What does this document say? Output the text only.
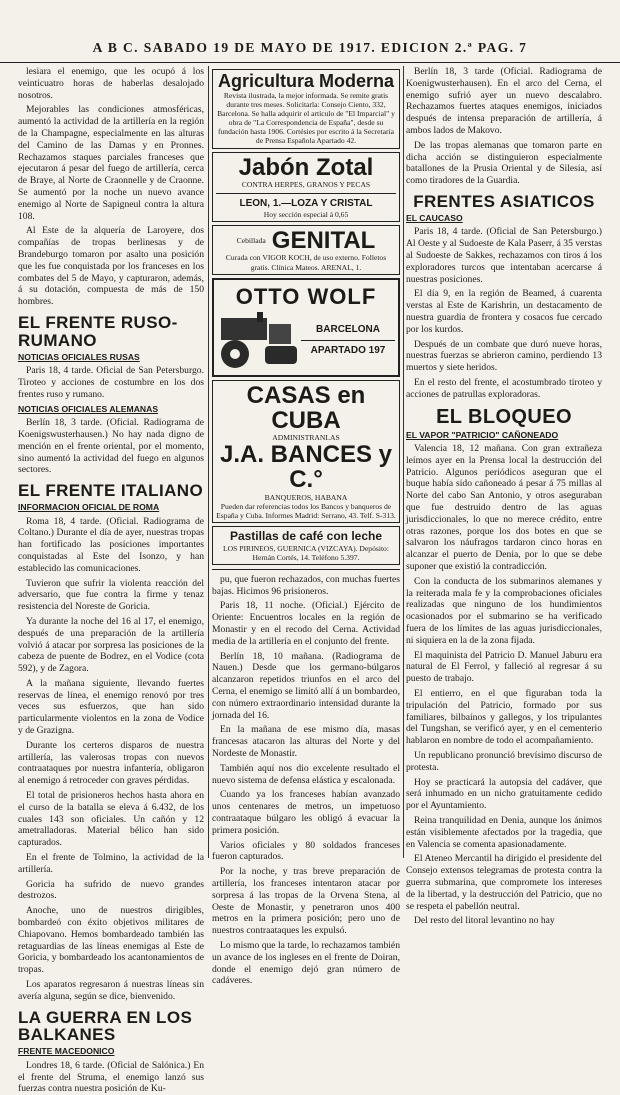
A B C. SABADO 19 DE MAYO DE 1917. EDICION 2.ª PAG. 7

lesiara el enemigo, que les ocupó á los veinticuatro horas de haberlas desalojado nosotros.

Mejorables las condiciones atmosféricas, aumentó la actividad de la artillería en la región de la Champagne, especialmente en las alturas del Camino de las Damas y en Pronnes. Rechazamos staques parciales franceses que ejecutaron á pesar del fuego de artillería, cerca de Braye, al Norte de Craonnelle y de Craonne. Se aumentó por la noche un nuevo avance enemigo al Norte de Sapigneul contra la altura 108.

Al Este de la alquería de Laroyere, dos compañías de tropas berlinesas y de Brandeburgo tomaron por asalto una posición que les fue conquistada por los franceses en los combates del 5 de Mayo, y capturaron, además, á su dotación, compuesta de más de 150 hombres.

EL FRENTE RUSO-RUMANO
NOTICIAS OFICIALES RUSAS

Paris 18, 4 tarde. Oficial de San Petersburgo. Tiroteo y acciones de costumbre en los dos frentes ruso y rumano.

NOTICIAS OFICIALES ALEMANAS

Berlín 18, 3 tarde. (Oficial. Radiograma de Koenigswusterhausen.) No hay nada digno de mención en el frente oriental, por el momento, sino aumentó la actividad del fuego en algunos sectores.

EL FRENTE ITALIANO
INFORMACION OFICIAL DE ROMA

Roma 18, 4 tarde. (Oficial. Radiograma de Coltano.) Durante el día de ayer, nuestras tropas han fortificado las posiciones importantes conquistadas al Este del Isonzo, y han establecido las comunicaciones.

Tuvieron que sufrir la violenta reacción del adversario, que fue contra la firme y tenaz resistencia del Noreste de Goricia.

Ya durante la noche del 16 al 17, el enemigo, después de una preparación de la artillería volvió á atacar por sorpresa las posiciones de la cabeza de puente de Bodrez, en el Vodice (cota 592), y de Zagora.

A la mañana siguiente, llevando fuertes reservas de línea, el enemigo renovó por tres veces sus esfuerzos, que han sido particularmente violentos en la zona de Vodice y de Grazigna.

Durante los certeros disparos de nuestra artillería, las valerosas tropas con nuevos contraataques por nuestra infantería, obligaron al enemigo á retroceder con graves pérdidas.

El total de prisioneros hechos hasta ahora en el curso de la batalla se eleva á 6.432, de los cuales 143 son oficiales. Un cañón y 12 ametralladoras. Material bélico han sido capturados.

En el frente de Tolmino, la actividad de la artillería.

Goricia ha sufrido de nuevo grandes destrozos.

Anoche, uno de nuestros dirigibles, bombardeó con éxito objetivos militares de Chiapovano. Hemos bombardeado también las retaguardias de las líneas enemigas al Este de Goricia, y bombardeado los acantonamientos de tropas.

Los aparatos regresaron á nuestras líneas sin avería alguna, según se dice, bienvenido.

LA GUERRA EN LOS BALKANES
FRENTE MACEDONICO

Londres 18, 6 tarde. (Oficial de Salónica.) En el frente del Struma, el enemigo lanzó sus fuerzas contra nuestra posición de Ku-

Agricultura Moderna
Revista ilustrada, la mejor informada. Se remite gratis durante tres meses. Solicitarla: Consejo Ciento, 332, Barcelona. Se halla adquirir el artículo de "El Imparcial" y obra de "La Correspondencia de España", desde su fundación hasta 1906. Cortésies por escrito á la Secretaría de Prensa Española Apartado 42.
Jabón Zotal
CONTRA HERPES, GRANOS Y PECAS
LEON, 1.—LOZA Y CRISTAL
Hoy sección especial á 0,65
Cebillada GENITAL
Curada con VIGOR KOCH, de uso externo. Folletos gratis. Clínica Mateos. ARENAL, 1.
OTTO WOLF
BARCELONA
APARTADO 197
CASAS en CUBA
ADMINISTRANLAS
J.A. BANCES y C.°
BANQUEROS, HABANA
Pueden dar referencias todos los Bancos y banqueros de España y Cuba. Informes Madrid: Serrano, 43. Telf. S-313.
Pastillas de café con leche
LOS PIRINEOS, GUERNICA (VIZCAYA). Depósito: Hernán Cortés, 14. Teléfono 5.397.

pu, que fueron rechazados, con muchas fuertes bajas. Hicimos 96 prisioneros.

Paris 18, 11 noche. (Oficial.) Ejército de Oriente: Encuentros locales en la región de Monastir y en el recodo del Cerna. Actividad media de la artillería en el conjunto del frente.

Berlín 18, 10 mañana. (Radiograma de Nauen.) Desde que los germano-búlgaros alcanzaron repetidos triunfos en el arco del Cerna, el enemigo se limitó allí á un bombardeo, con número extraordinario intensidad durante la jornada del 16.

En la mañana de ese mismo día, masas francesas atacaron las alturas del Norte y del Nordeste de Monastir.

También aquí nos dio excelente resultado el nuevo sistema de defensa elástica y escalonada.

Cuando ya los franceses habían avanzado unos centenares de metros, un impetuoso contraataque búlgaro les obligó á evacuar la primera posición.

Varios oficiales y 80 soldados franceses fueron capturados.

Por la noche, y tras breve preparación de artillería, los franceses intentaron atacar por sorpresa á las tropas de la Orvena Stena, al Oeste de Monastir, y penetraron unos 400 metros en la primera posición; pero uno de nuestros contraataques les expulsó.

Lo mismo que la tarde, lo rechazamos también un avance de los ingleses en el frente de Doiran, donde el enemigo dejó gran número de cadáveres.

Berlín 18, 3 tarde (Oficial. Radiograma de Koenigwusterhausen). En el arco del Cerna, el enemigo sufrió ayer un nuevo descalabro. Rechazamos fuertes ataques enemigos, iniciados después de intensa preparación de artillería, á ambos lados de Makovo.

De las tropas alemanas que tomaron parte en dicha acción se distinguieron especialmente batallones de la Prusia Oriental y de Silesia, así como tiradores de la Guardia.

FRENTES ASIATICOS
EL CAUCASO

Paris 18, 4 tarde. (Oficial de San Petersburgo.) Al Oeste y al Sudoeste de Kala Paserr, á 35 verstas al Sudoeste de Sakkes, rechazamos con tiros á los exploradores turcos que intentaban acercarse á nuestras posiciones.

El día 9, en la región de Beamed, á cuarenta verstas al Este de Karishrin, un destacamento de nuestra guardia de frontera y cosacos fue cercado por los kurdos.

Después de un combate que duró nueve horas, nuestras fuerzas se abrieron camino, perdiendo 13 muertos y siete heridos.

En el resto del frente, el acostumbrado tiroteo y acciones de patrullas exploradoras.

EL BLOQUEO
EL VAPOR "PATRICIO" CAÑONEADO

Valencia 18, 12 mañana. Con gran extrañeza leímos ayer en la Prensa local la destrucción del Patricio. Algunos periódicos aseguran que el buque había sido cañoneado á pesar á 75 millas al Norte del cabo San Antonio, y otros aseguraban que fue destruido dentro de las aguas jurisdiccionales, lo que no merece crédito, entre otras razones, porque los dos botes en que se salvaron los náufragos tardaron cinco horas en alcanzar el puerto de Denia, por lo que se debe suponer que existió la contradicción.

Con la conducta de los submarinos alemanes y la reiterada mala fe y la comprobaciones oficiales realizadas que ninguno de los hundimientos ocasionados por el submarino se ha verificado fuera de los límites de las aguas jurisdiccionales, ni siquiera en la de la zona fijada.

El maquinista del Patricio D. Manuel Jaburu era natural de El Ferrol, y falleció al regresar á su puesto de trabajo.

El entierro, en el que figuraban toda la tripulación del Patricio, formado por sus familiares, bilbaínos y gallegos, y los tripulantes del Tungshan, se verificó ayer, y en el cementerio hablaron en nombre de todo el acompañamiento.

Un republicano pronunció brevísimo discurso de protesta.

Hoy se practicará la autopsia del cadáver, que será inhumado en un nicho gratuitamente cedido por el Ayuntamiento.

Reina tranquilidad en Denia, aunque los ánimos están visiblemente afectados por la tragedia, que en Valencia se comenta apasionadamente.

El Ateneo Mercantil ha dirigido el presidente del Consejo extensos telegramas de protesta contra la guerra submarina, que compromete los intereses de la libertad, y la destrucción del Patricio, que no se respeta el pabellón neutral.

Del resto del litoral levantino no hay
